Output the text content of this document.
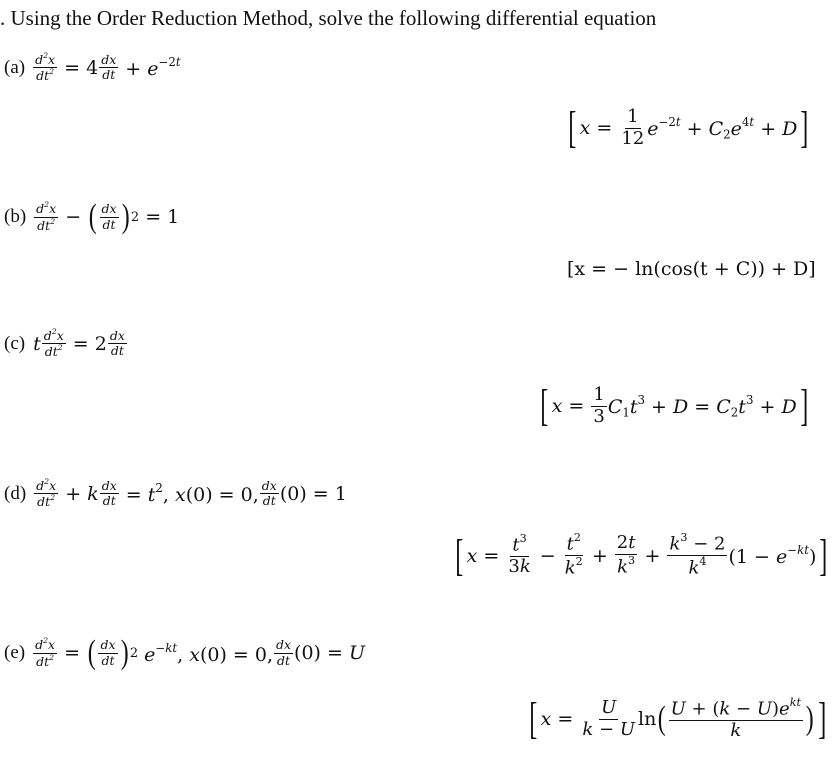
. Using the Order Reduction Method, solve the following differential equation
$(a) \frac{d^2x}{dt^2} = 4 \frac{dx}{dt} + e^{-2t}$
[ $x = \frac{1}{12} e^{-2t} + C_2e^{4t} + D$ ]
$(b) \frac{d^2x}{dt^2}$ − ( $\frac{dx}{dt}$ ) 2 = 1
[x = − ln(cos(t + C)) + D]
(c) t $\frac{d^2x}{dt^2} = 2 \frac{dx}{dt}$
[ $x = \frac{1}{3} C_1t^3 + D = C_2t^3 + D$ ]
$(d) \frac{d^2x}{dt^2} + k \frac{dx}{dt} = t^2$, x(0) = 0, $\frac{dx}{dt} (0) = 1$
[ $x = \frac{t^3}{3k} - \frac{t^2}{k^2} + \frac{2t}{k^3} + \frac{k^3 - 2}{k^4} (1 - e^{-kt})$ ]
$(e) \frac{d^2x}{dt^2}$ = ( $\frac{dx}{dt}$ ) 2 $e^{-kt}$, x(0) = 0, $\frac{dx}{dt} (0) = U$
[ $x = \frac{U}{k - U}$ ln ( $\frac{U + (k - U)e^{kt}}{k}$ ) ]
